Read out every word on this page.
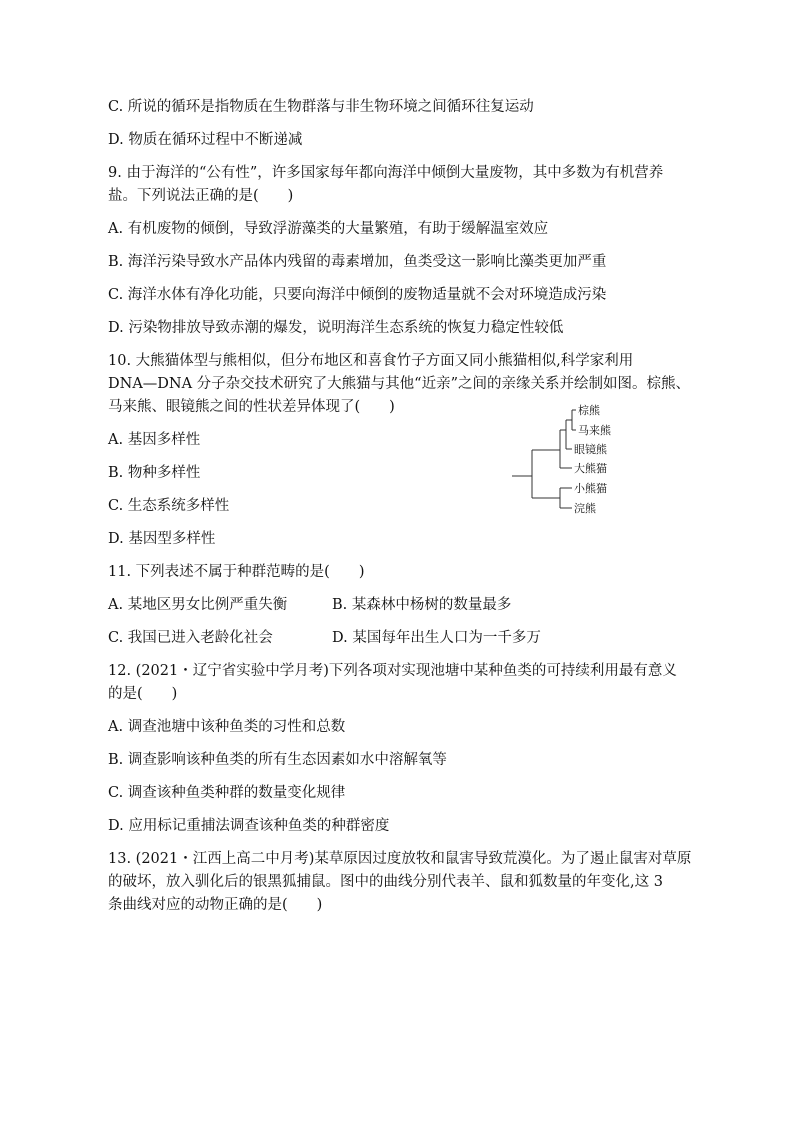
C. 所说的循环是指物质在生物群落与非生物环境之间循环往复运动
D. 物质在循环过程中不断递减
9. 由于海洋的“公有性”，许多国家每年都向海洋中倾倒大量废物，其中多数为有机营养
盐。下列说法正确的是(　　)
A. 有机废物的倾倒，导致浮游藻类的大量繁殖，有助于缓解温室效应
B. 海洋污染导致水产品体内残留的毒素增加，鱼类受这一影响比藻类更加严重
C. 海洋水体有净化功能，只要向海洋中倾倒的废物适量就不会对环境造成污染
D. 污染物排放导致赤潮的爆发，说明海洋生态系统的恢复力稳定性较低
10. 大熊猫体型与熊相似，但分布地区和喜食竹子方面又同小熊猫相似,科学家利用
DNA—DNA 分子杂交技术研究了大熊猫与其他“近亲”之间的亲缘关系并绘制如图。棕熊、
马来熊、眼镜熊之间的性状差异体现了(　　)
A. 基因多样性
B. 物种多样性
C. 生态系统多样性
D. 基因型多样性
棕熊
马来熊
眼镜熊
大熊猫
小熊猫
浣熊
11. 下列表述不属于种群范畴的是(　　)
A. 某地区男女比例严重失衡	B. 某森林中杨树的数量最多
C. 我国已进入老龄化社会	D. 某国每年出生人口为一千多万
12. (2021・辽宁省实验中学月考)下列各项对实现池塘中某种鱼类的可持续利用最有意义
的是(　　)
A. 调查池塘中该种鱼类的习性和总数
B. 调查影响该种鱼类的所有生态因素如水中溶解氧等
C. 调查该种鱼类种群的数量变化规律
D. 应用标记重捕法调查该种鱼类的种群密度
13. (2021・江西上高二中月考)某草原因过度放牧和鼠害导致荒漠化。为了遏止鼠害对草原
的破坏，放入驯化后的银黑狐捕鼠。图中的曲线分别代表羊、鼠和狐数量的年变化,这 3
条曲线对应的动物正确的是(　　)
